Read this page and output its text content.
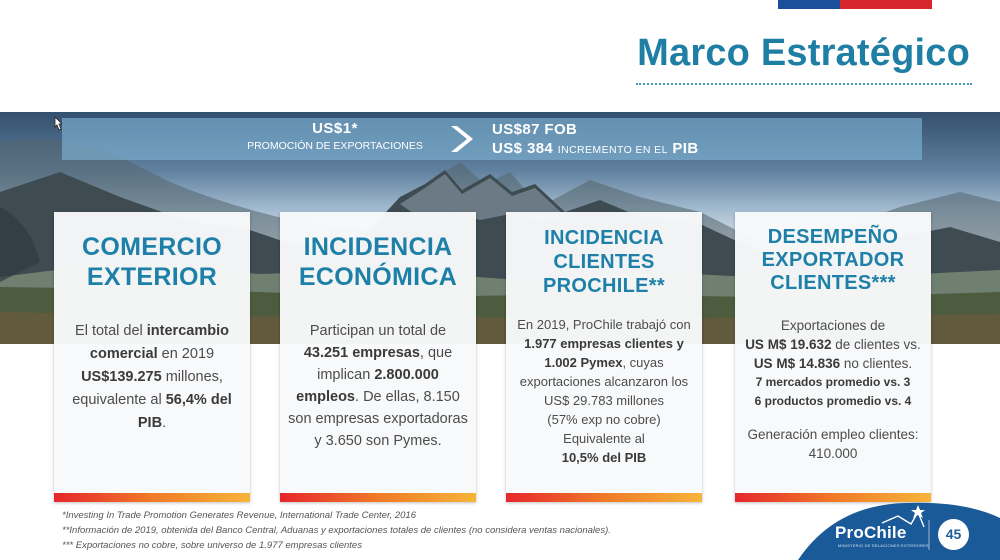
Marco Estratégico
US$1*
PROMOCIÓN DE EXPORTACIONES
US$87 FOB
US$ 384 INCREMENTO EN EL PIB
COMERCIO
EXTERIOR
El total del intercambio comercial en 2019 US$139.275 millones, equivalente al 56,4% del PIB.
INCIDENCIA
ECONÓMICA
Participan un total de 43.251 empresas, que implican 2.800.000 empleos. De ellas, 8.150 son empresas exportadoras y 3.650 son Pymes.
INCIDENCIA
CLIENTES
PROCHILE**
En 2019, ProChile trabajó con 1.977 empresas clientes y 1.002 Pymex, cuyas exportaciones alcanzaron los US$ 29.783 millones
(57% exp no cobre)
Equivalente al
10,5% del PIB
DESEMPEÑO
EXPORTADOR
CLIENTES***
Exportaciones de
US M$ 19.632 de clientes vs. US M$ 14.836 no clientes.
7 mercados promedio vs. 3
6 productos promedio vs. 4
Generación empleo clientes: 410.000
*Investing In Trade Promotion Generates Revenue, International Trade Center, 2016
**Información de 2019, obtenida del Banco Central, Aduanas y exportaciones totales de clientes (no considera ventas nacionales).
*** Exportaciones no cobre, sobre universo de 1.977 empresas clientes
ProChile
MINISTERIO DE RELACIONES EXTERIORES
45
